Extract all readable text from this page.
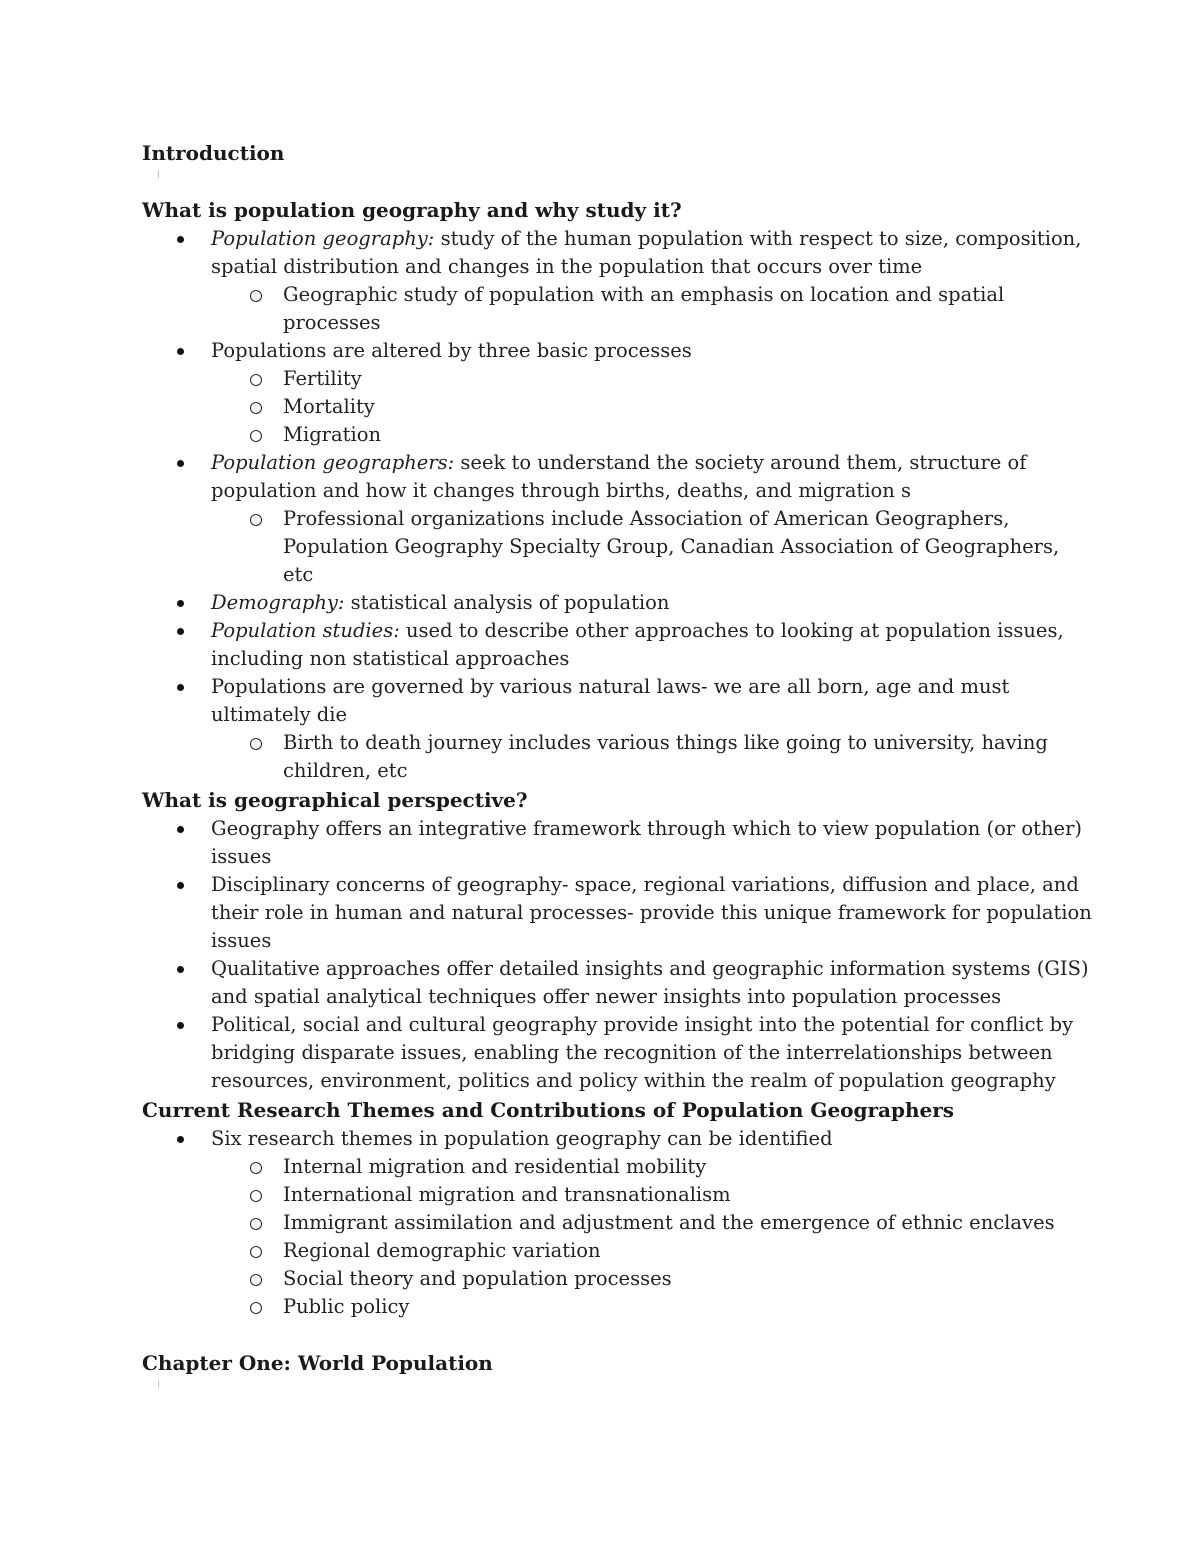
Introduction
What is population geography and why study it?
Population geography: study of the human population with respect to size, composition,
spatial distribution and changes in the population that occurs over time
Geographic study of population with an emphasis on location and spatial
processes
Populations are altered by three basic processes
Fertility
Mortality
Migration
Population geographers: seek to understand the society around them, structure of
population and how it changes through births, deaths, and migration s
Professional organizations include Association of American Geographers,
Population Geography Specialty Group, Canadian Association of Geographers,
etc
Demography: statistical analysis of population
Population studies: used to describe other approaches to looking at population issues,
including non statistical approaches
Populations are governed by various natural laws- we are all born, age and must
ultimately die
Birth to death journey includes various things like going to university, having
children, etc
What is geographical perspective?
Geography offers an integrative framework through which to view population (or other)
issues
Disciplinary concerns of geography- space, regional variations, diffusion and place, and
their role in human and natural processes- provide this unique framework for population
issues
Qualitative approaches offer detailed insights and geographic information systems (GIS)
and spatial analytical techniques offer newer insights into population processes
Political, social and cultural geography provide insight into the potential for conflict by
bridging disparate issues, enabling the recognition of the interrelationships between
resources, environment, politics and policy within the realm of population geography
Current Research Themes and Contributions of Population Geographers
Six research themes in population geography can be identified
Internal migration and residential mobility
International migration and transnationalism
Immigrant assimilation and adjustment and the emergence of ethnic enclaves
Regional demographic variation
Social theory and population processes
Public policy
Chapter One: World Population
